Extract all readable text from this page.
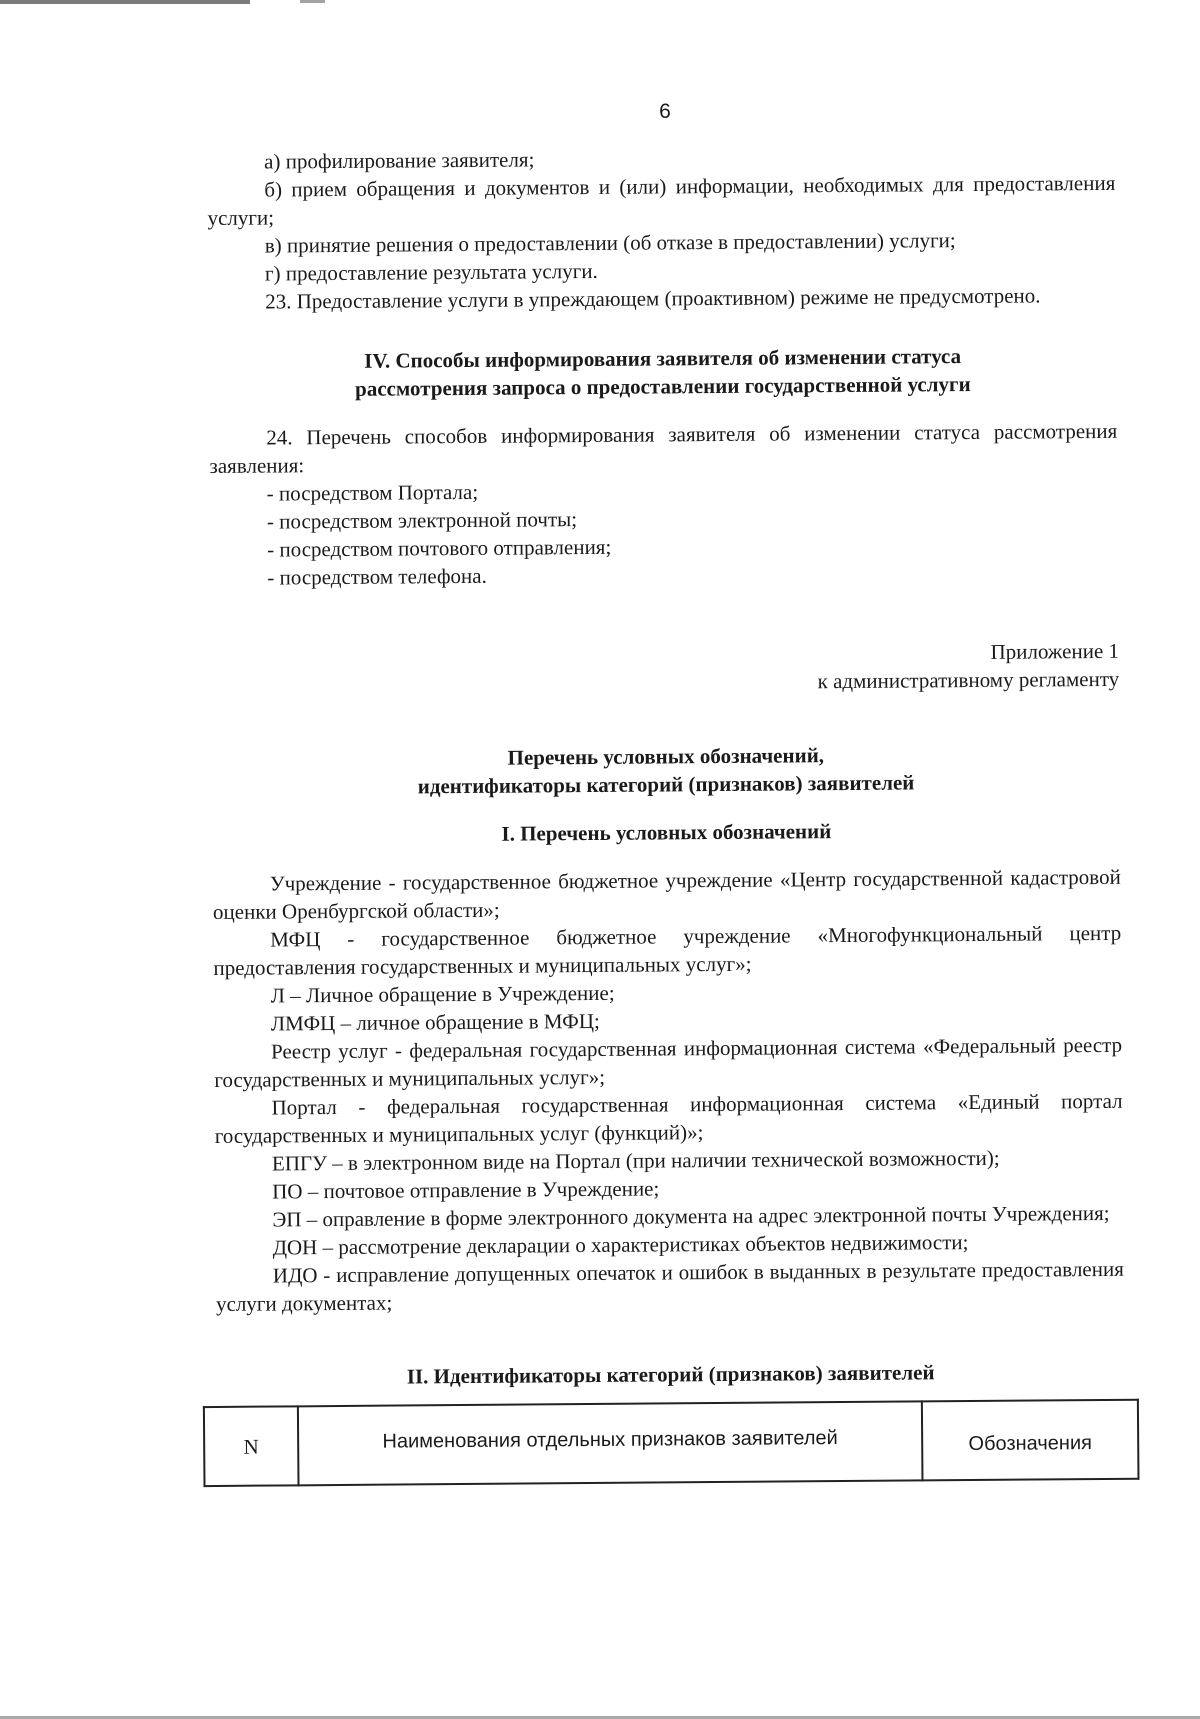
6

а) профилирование заявителя;

б) прием обращения и документов и (или) информации, необходимых для предоставления услуги;

в) принятие решения о предоставлении (об отказе в предоставлении) услуги;

г) предоставление результата услуги.

23. Предоставление услуги в упреждающем (проактивном) режиме не предусмотрено.

IV. Способы информирования заявителя об изменении статуса

рассмотрения запроса о предоставлении государственной услуги

24. Перечень способов информирования заявителя об изменении статуса рассмотрения заявления:

- посредством Портала;

- посредством электронной почты;

- посредством почтового отправления;

- посредством телефона.

Приложение 1

к административному регламенту

Перечень условных обозначений,

идентификаторы категорий (признаков) заявителей

I. Перечень условных обозначений

Учреждение - государственное бюджетное учреждение «Центр государственной кадастровой оценки Оренбургской области»;

МФЦ - государственное бюджетное учреждение «Многофункциональный центр предоставления государственных и муниципальных услуг»;

Л – Личное обращение в Учреждение;

ЛМФЦ – личное обращение в МФЦ;

Реестр услуг - федеральная государственная информационная система «Федеральный реестр государственных и муниципальных услуг»;

Портал - федеральная государственная информационная система «Единый портал государственных и муниципальных услуг (функций)»;

ЕПГУ – в электронном виде на Портал (при наличии технической возможности);

ПО – почтовое отправление в Учреждение;

ЭП – оправление в форме электронного документа на адрес электронной почты Учреждения;

ДОН – рассмотрение декларации о характеристиках объектов недвижимости;

ИДО - исправление допущенных опечаток и ошибок в выданных в результате предоставления услуги документах;

II. Идентификаторы категорий (признаков) заявителей

N	Наименования отдельных признаков заявителей	Обозначения
